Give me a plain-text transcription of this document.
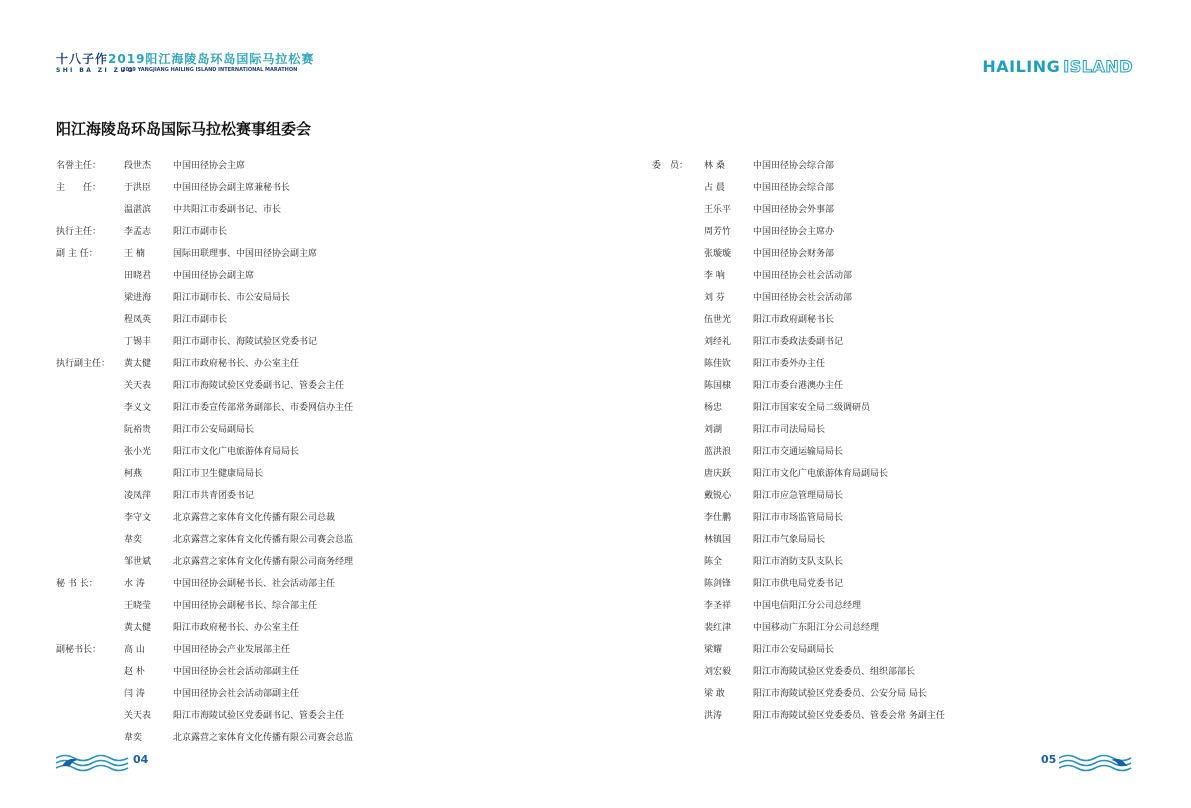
十八子作2019阳江海陵岛环岛国际马拉松赛
SHI BA ZI ZUO
2019 YANGJIANG HAILING ISLAND INTERNATIONAL MARATHON	HAILING ISLAND
阳江海陵岛环岛国际马拉松赛事组委会
名誉主任：	段世杰	中国田径协会主席
主　　任：	于洪臣	中国田径协会副主席兼秘书长
温湛滨	中共阳江市委副书记、市长
执行主任：	李孟志	阳江市副市长
副 主 任：	王 楠	国际田联理事、中国田径协会副主席
田晓君	中国田径协会副主席
梁进海	阳江市副市长、市公安局局长
程凤英	阳江市副市长
丁锡丰	阳江市副市长、海陵试验区党委书记
执行副主任：	黄太健	阳江市政府秘书长、办公室主任
关天表	阳江市海陵试验区党委副书记、管委会主任
李义文	阳江市委宣传部常务副部长、市委网信办主任
阮裕贵	阳江市公安局副局长
张小光	阳江市文化广电旅游体育局局长
柯燕	阳江市卫生健康局局长
凌凤萍	阳江市共青团委书记
李守文	北京露营之家体育文化传播有限公司总裁
韋奕	北京露营之家体育文化传播有限公司赛会总监
邹世斌	北京露营之家体育文化传播有限公司商务经理
秘 书 长：	水 涛	中国田径协会副秘书长、社会活动部主任
王晓莹	中国田径协会副秘书长、综合部主任
黄太健	阳江市政府秘书长、办公室主任
副秘书长：	高 山	中国田径协会产业发展部主任
赵 朴	中国田径协会社会活动部副主任
闫 涛	中国田径协会社会活动部副主任
关天表	阳江市海陵试验区党委副书记、管委会主任
韋奕	北京露营之家体育文化传播有限公司赛会总监
委　员：	林 桑	中国田径协会综合部
占 晨	中国田径协会综合部
王乐平	中国田径协会外事部
周芳竹	中国田径协会主席办
张璇璇	中国田径协会财务部
李 响	中国田径协会社会活动部
刘 芬	中国田径协会社会活动部
伍世光	阳江市政府副秘书长
刘经礼	阳江市委政法委副书记
陈佳钦	阳江市委外办主任
陈国棣	阳江市委台港澳办主任
杨忠	阳江市国家安全局二级调研员
刘湖	阳江市司法局局长
蓝洪浪	阳江市交通运输局局长
唐庆跃	阳江市文化广电旅游体育局副局长
戴锐心	阳江市应急管理局局长
李仕鹏	阳江市市场监管局局长
林镇国	阳江市气象局局长
陈全	阳江市消防支队支队长
陈剑锋	阳江市供电局党委书记
李圣祥	中国电信阳江分公司总经理
裴红津	中国移动广东阳江分公司总经理
梁耀	阳江市公安局副局长
刘宏毅	阳江市海陵试验区党委委员、组织部部长
梁 敢	阳江市海陵试验区党委委员、公安分局 局长
洪涛	阳江市海陵试验区党委委员、管委会常 务副主任
04	05
